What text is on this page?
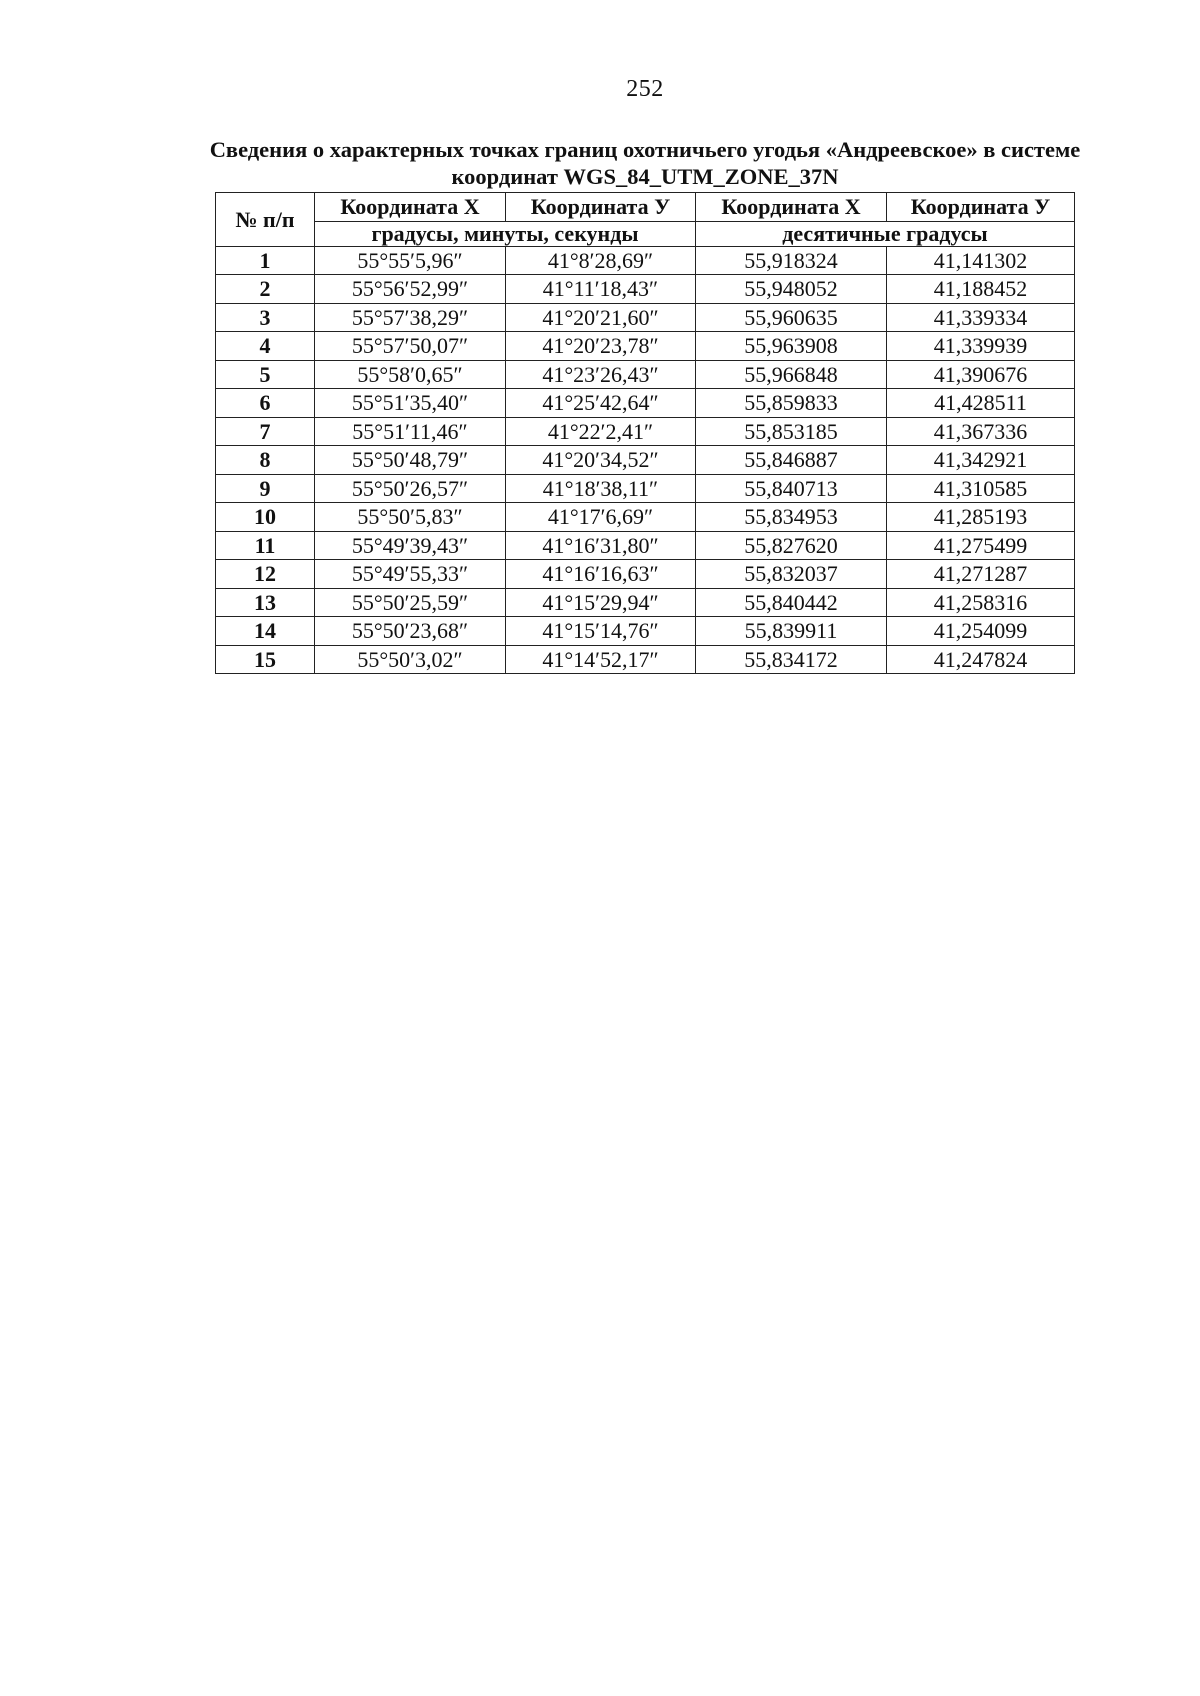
252
Сведения о характерных точках границ охотничьего угодья «Андреевское» в системе
координат WGS_84_UTM_ZONE_37N
№ п/п	Координата Х	Координата У	Координата Х	Координата У
	градусы, минуты, секунды		десятичные градусы	
1	55°55′5,96″	41°8′28,69″	55,918324	41,141302
2	55°56′52,99″	41°11′18,43″	55,948052	41,188452
3	55°57′38,29″	41°20′21,60″	55,960635	41,339334
4	55°57′50,07″	41°20′23,78″	55,963908	41,339939
5	55°58′0,65″	41°23′26,43″	55,966848	41,390676
6	55°51′35,40″	41°25′42,64″	55,859833	41,428511
7	55°51′11,46″	41°22′2,41″	55,853185	41,367336
8	55°50′48,79″	41°20′34,52″	55,846887	41,342921
9	55°50′26,57″	41°18′38,11″	55,840713	41,310585
10	55°50′5,83″	41°17′6,69″	55,834953	41,285193
11	55°49′39,43″	41°16′31,80″	55,827620	41,275499
12	55°49′55,33″	41°16′16,63″	55,832037	41,271287
13	55°50′25,59″	41°15′29,94″	55,840442	41,258316
14	55°50′23,68″	41°15′14,76″	55,839911	41,254099
15	55°50′3,02″	41°14′52,17″	55,834172	41,247824
